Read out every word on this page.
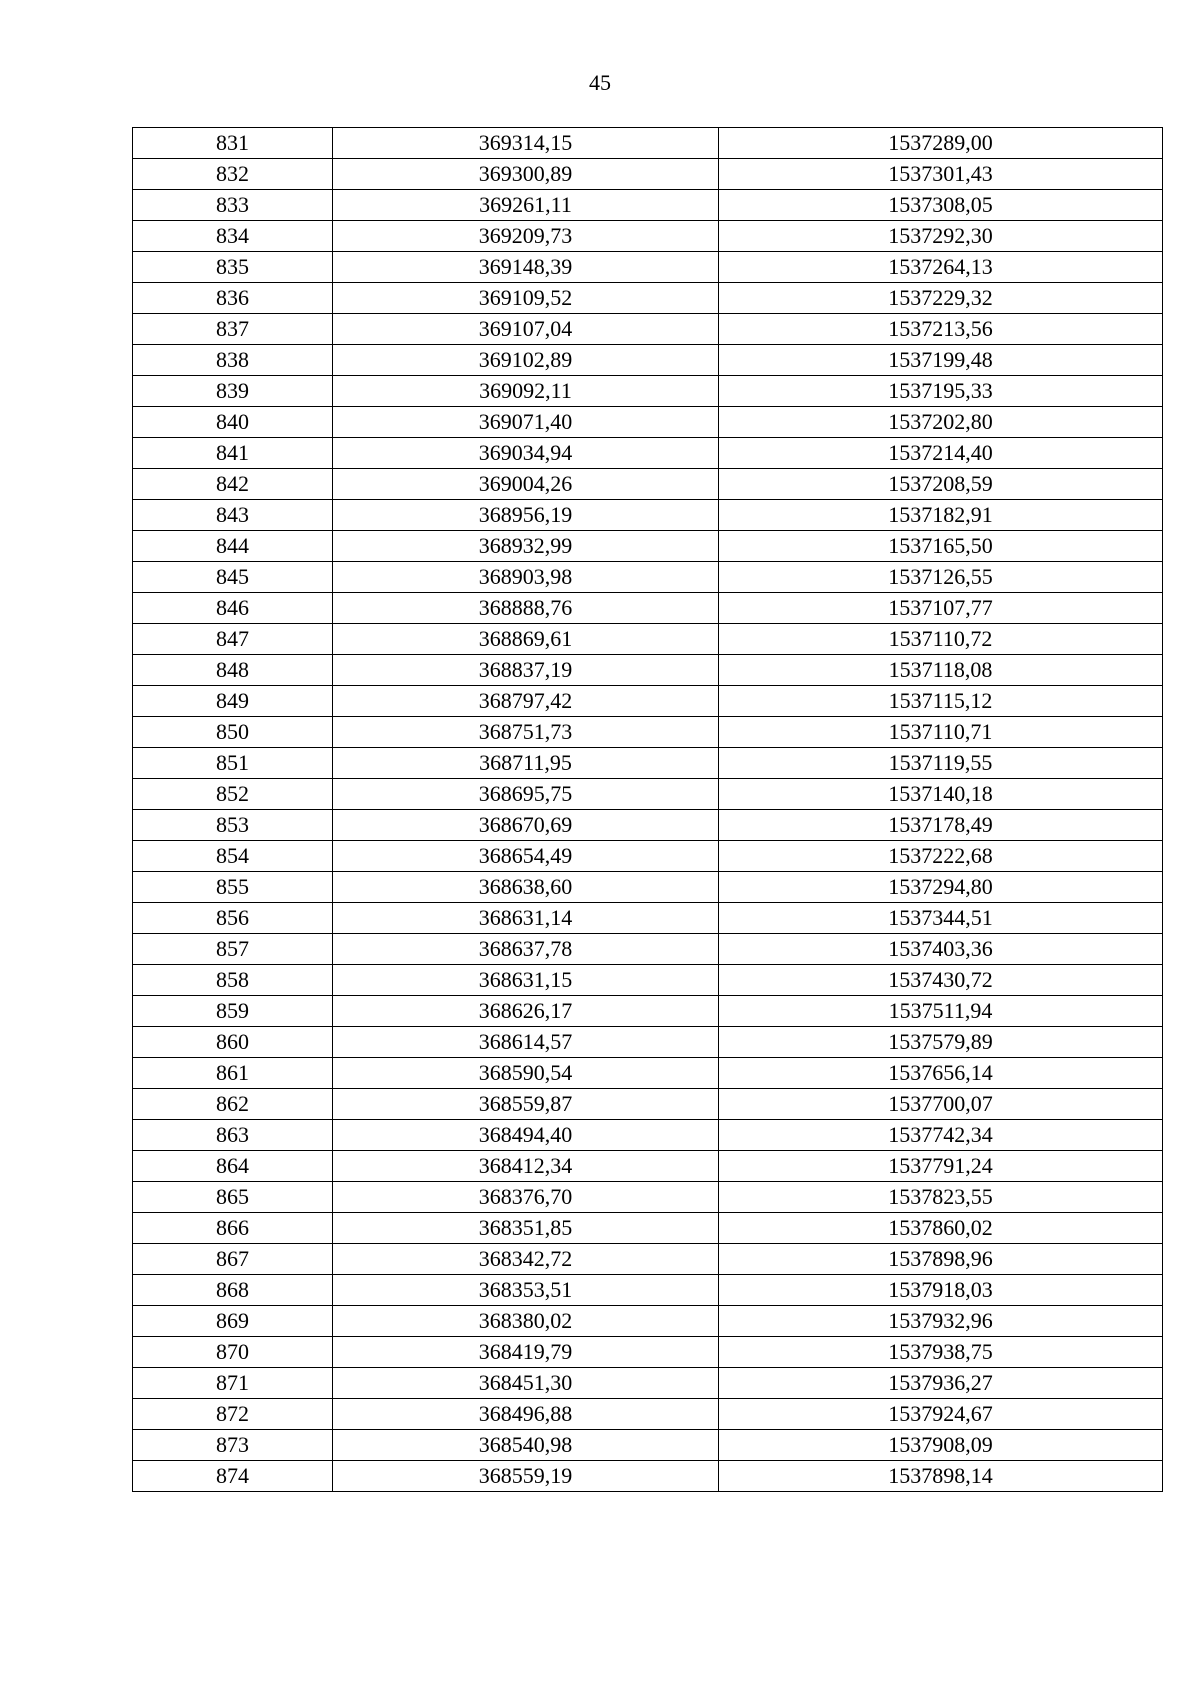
45
831	369314,15	1537289,00
832	369300,89	1537301,43
833	369261,11	1537308,05
834	369209,73	1537292,30
835	369148,39	1537264,13
836	369109,52	1537229,32
837	369107,04	1537213,56
838	369102,89	1537199,48
839	369092,11	1537195,33
840	369071,40	1537202,80
841	369034,94	1537214,40
842	369004,26	1537208,59
843	368956,19	1537182,91
844	368932,99	1537165,50
845	368903,98	1537126,55
846	368888,76	1537107,77
847	368869,61	1537110,72
848	368837,19	1537118,08
849	368797,42	1537115,12
850	368751,73	1537110,71
851	368711,95	1537119,55
852	368695,75	1537140,18
853	368670,69	1537178,49
854	368654,49	1537222,68
855	368638,60	1537294,80
856	368631,14	1537344,51
857	368637,78	1537403,36
858	368631,15	1537430,72
859	368626,17	1537511,94
860	368614,57	1537579,89
861	368590,54	1537656,14
862	368559,87	1537700,07
863	368494,40	1537742,34
864	368412,34	1537791,24
865	368376,70	1537823,55
866	368351,85	1537860,02
867	368342,72	1537898,96
868	368353,51	1537918,03
869	368380,02	1537932,96
870	368419,79	1537938,75
871	368451,30	1537936,27
872	368496,88	1537924,67
873	368540,98	1537908,09
874	368559,19	1537898,14
